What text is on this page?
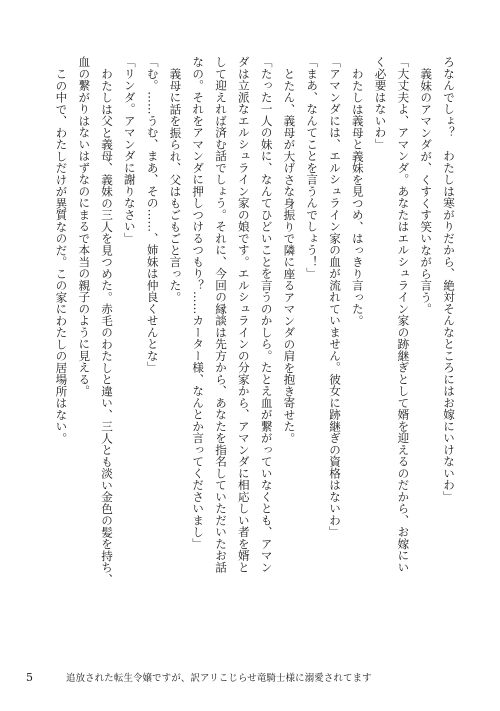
ろなんでしょ？　わたしは寒がりだから、絶対そんなところにはお嫁にいけないわ」
義妹のアマンダが、くすくす笑いながら言う。
「大丈夫よ、アマンダ。あなたはエルシュライン家の跡継ぎとして婿を迎えるのだから、お嫁にい
く必要はないわ」
わたしは義母と義妹を見つめ、はっきり言った。
「アマンダには、エルシュライン家の血が流れていません。彼女に跡継ぎの資格はないわ」
「まあ、なんてことを言うんでしょう！」
とたん、義母が大げさな身振りで隣に座るアマンダの肩を抱き寄せた。
「たった一人の妹に、なんてひどいことを言うのかしら。たとえ血が繋がっていなくとも、アマン
ダは立派なエルシュライン家の娘です。エルシュラインの分家から、アマンダに相応しい者を婿と
して迎えれば済む話でしょう。それに、今回の縁談は先方から、あなたを指名していただいたお話
なの。それをアマンダに押しつけるつもり？……カーター様、なんとか言ってくださいまし」
義母に話を振られ、父はもごもごと言った。
「む。……うむ、まあ、その……、姉妹は仲良くせんとな」
「リンダ。アマンダに謝りなさい」
わたしは父と義母、義妹の三人を見つめた。赤毛のわたしと違い、三人とも淡い金色の髪を持ち、
血の繋がりはないはずなのにまるで本当の親子のように見える。
この中で、わたしだけが異質なのだ。この家にわたしの居場所はない。
5	追放された転生令嬢ですが、訳アリこじらせ竜騎士様に溺愛されてます
